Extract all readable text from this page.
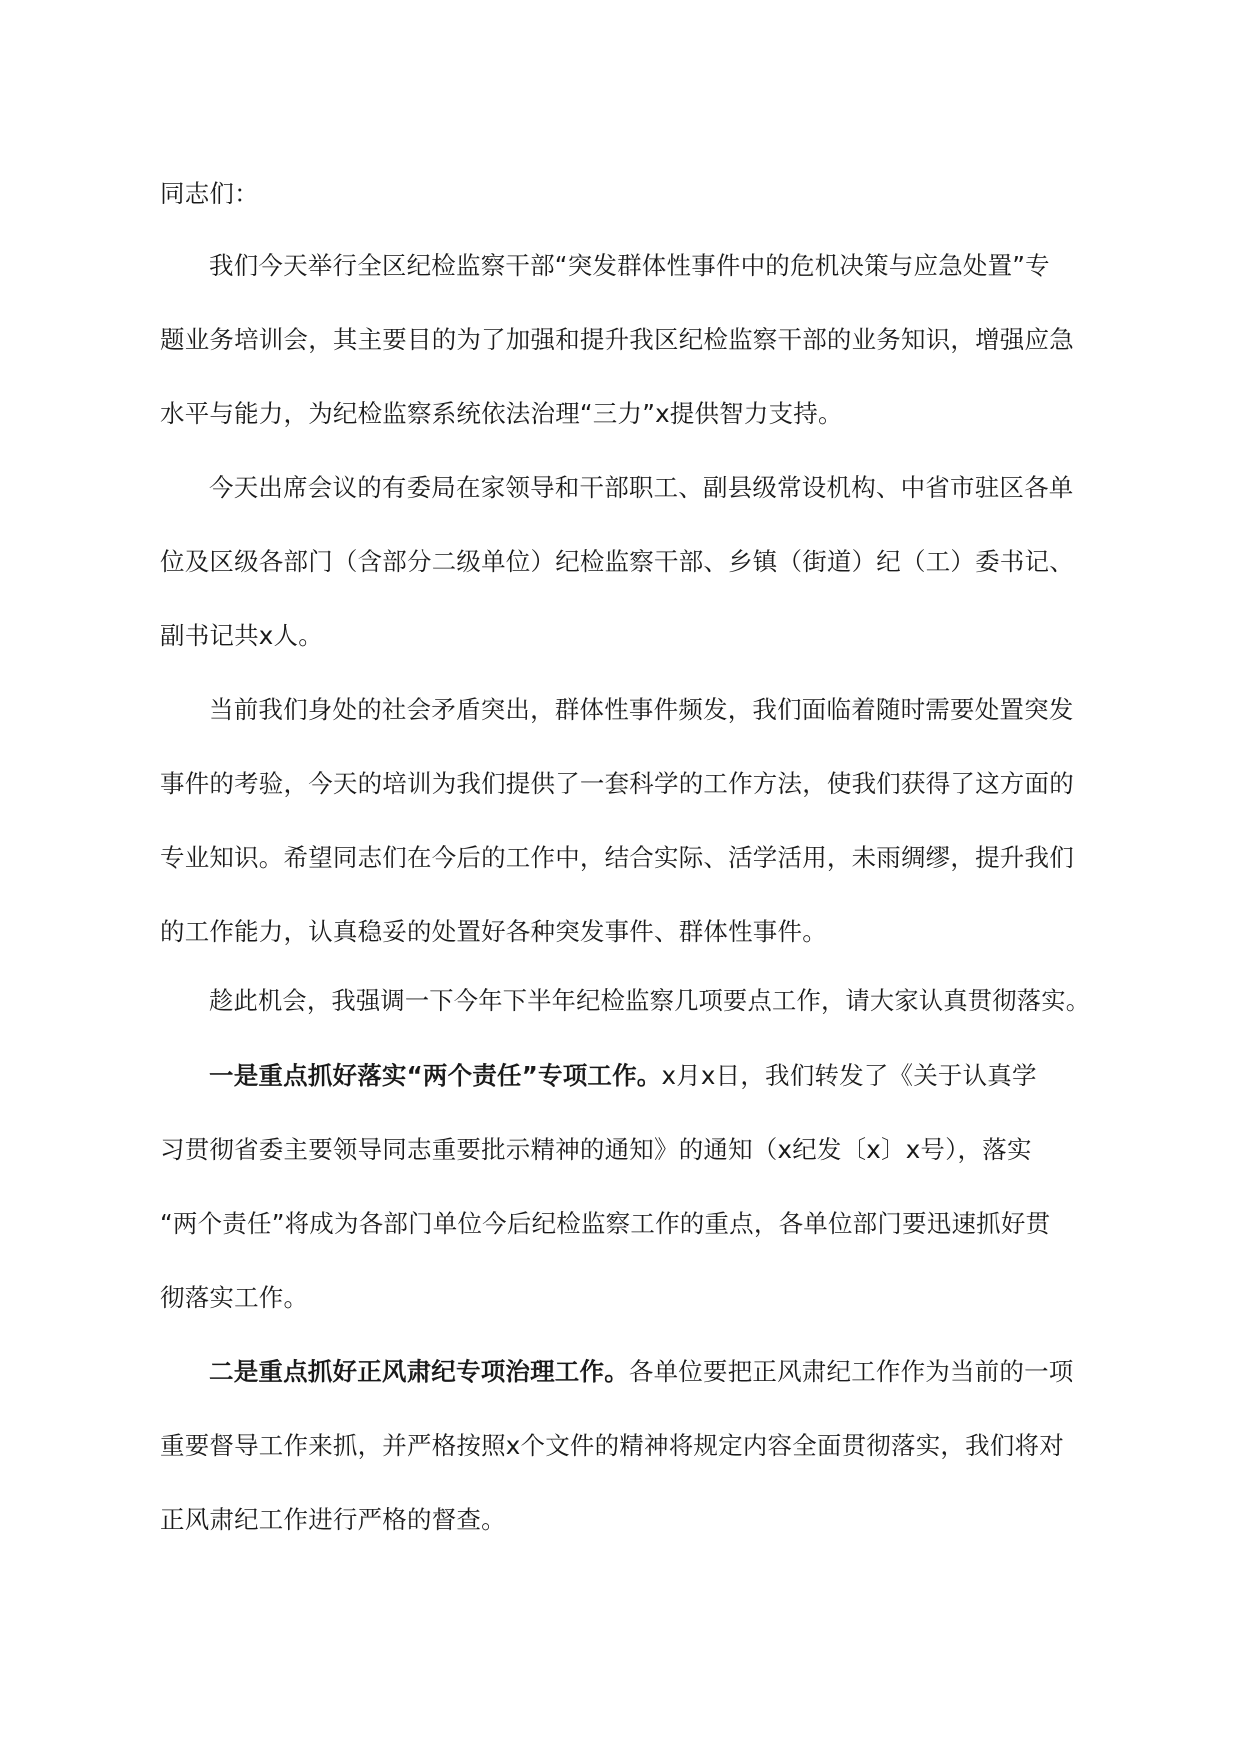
同志们：
我们今天举行全区纪检监察干部“突发群体性事件中的危机决策与应急处置”专
题业务培训会，其主要目的为了加强和提升我区纪检监察干部的业务知识，增强应急
水平与能力，为纪检监察系统依法治理“三力”x提供智力支持。
今天出席会议的有委局在家领导和干部职工、副县级常设机构、中省市驻区各单
位及区级各部门（含部分二级单位）纪检监察干部、乡镇（街道）纪（工）委书记、
副书记共x人。
当前我们身处的社会矛盾突出，群体性事件频发，我们面临着随时需要处置突发
事件的考验，今天的培训为我们提供了一套科学的工作方法，使我们获得了这方面的
专业知识。希望同志们在今后的工作中，结合实际、活学活用，未雨绸缪，提升我们
的工作能力，认真稳妥的处置好各种突发事件、群体性事件。
趁此机会，我强调一下今年下半年纪检监察几项要点工作，请大家认真贯彻落实。
一是重点抓好落实“两个责任”专项工作。x月x日，我们转发了《关于认真学
习贯彻省委主要领导同志重要批示精神的通知》的通知（x纪发〔x〕x号），落实
“两个责任”将成为各部门单位今后纪检监察工作的重点，各单位部门要迅速抓好贯
彻落实工作。
二是重点抓好正风肃纪专项治理工作。各单位要把正风肃纪工作作为当前的一项
重要督导工作来抓，并严格按照x个文件的精神将规定内容全面贯彻落实，我们将对
正风肃纪工作进行严格的督查。
